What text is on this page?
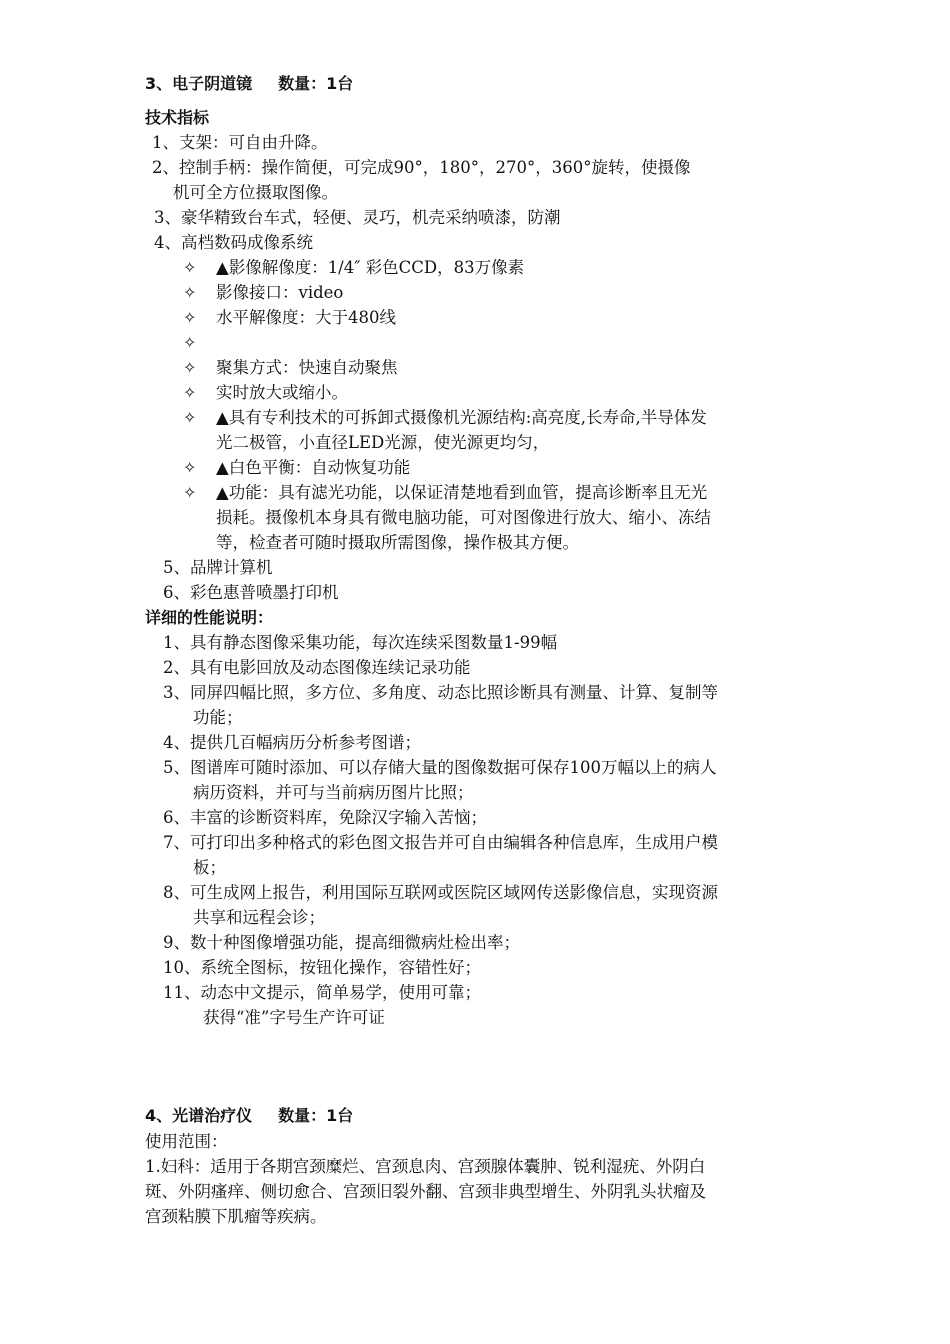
3、电子阴道镜 数量：1台
技术指标
1、支架：可自由升降。
2、控制手柄：操作简便，可完成90°，180°，270°，360°旋转，使摄像
机可全方位摄取图像。
3、豪华精致台车式，轻便、灵巧，机壳采纳喷漆，防潮
4、高档数码成像系统
✧ ▲影像解像度：1/4″ 彩色CCD，83万像素
✧ 影像接口：video
✧ 水平解像度：大于480线
✧
✧ 聚集方式：快速自动聚焦
✧ 实时放大或缩小。
✧ ▲具有专利技术的可拆卸式摄像机光源结构:高亮度,长寿命,半导体发
光二极管，小直径LED光源，使光源更均匀，
✧ ▲白色平衡：自动恢复功能
✧ ▲功能：具有滤光功能，以保证清楚地看到血管，提高诊断率且无光
损耗。摄像机本身具有微电脑功能，可对图像进行放大、缩小、冻结
等，检查者可随时摄取所需图像，操作极其方便。
5、品牌计算机
6、彩色惠普喷墨打印机
详细的性能说明：
1、具有静态图像采集功能，每次连续采图数量1-99幅
2、具有电影回放及动态图像连续记录功能
3、同屏四幅比照，多方位、多角度、动态比照诊断具有测量、计算、复制等
功能；
4、提供几百幅病历分析参考图谱；
5、图谱库可随时添加、可以存储大量的图像数据可保存100万幅以上的病人
病历资料，并可与当前病历图片比照；
6、丰富的诊断资料库，免除汉字输入苦恼；
7、可打印出多种格式的彩色图文报告并可自由编辑各种信息库，生成用户模
板；
8、可生成网上报告，利用国际互联网或医院区域网传送影像信息，实现资源
共享和远程会诊；
9、数十种图像增强功能，提高细微病灶检出率；
10、系统全图标，按钮化操作，容错性好；
11、动态中文提示，简单易学，使用可靠；
获得“准”字号生产许可证
4、光谱治疗仪 数量：1台
使用范围：
1.妇科：适用于各期宫颈糜烂、宫颈息肉、宫颈腺体囊肿、锐利湿疣、外阴白
斑、外阴瘙痒、侧切愈合、宫颈旧裂外翻、宫颈非典型增生、外阴乳头状瘤及
宫颈粘膜下肌瘤等疾病。
